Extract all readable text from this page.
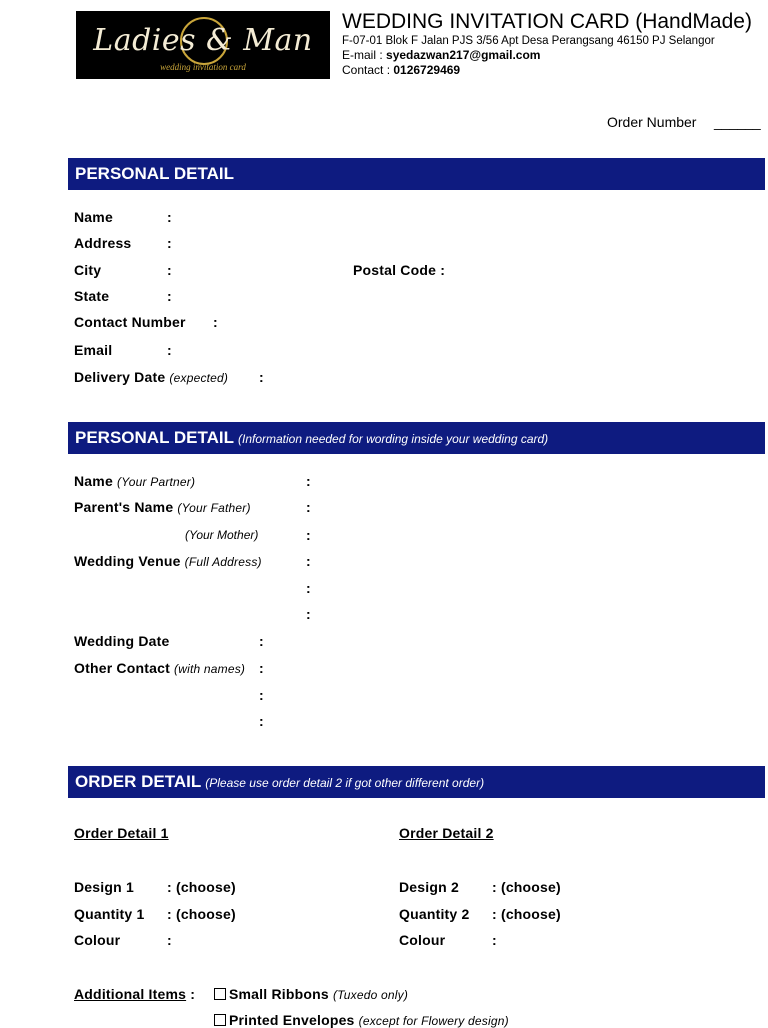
Ladies & Man
wedding invitation card
WEDDING INVITATION CARD (HandMade)
F-07-01 Blok F Jalan PJS 3/56 Apt Desa Perangsang 46150 PJ Selangor
E-mail : syedazwan217@gmail.com
Contact : 0126729469
Order Number ______
PERSONAL DETAIL
Name	:
Address	:
City	:	Postal Code :
State	:
Contact Number :
Email	:
Delivery Date (expected) :
PERSONAL DETAIL (Information needed for wording inside your wedding card)
Name (Your Partner)	:
Parent's Name (Your Father)	:
(Your Mother)	:
Wedding Venue (Full Address)	:
:
:
Wedding Date	:
Other Contact (with names) :
:
:
ORDER DETAIL (Please use order detail 2 if got other different order)
Order Detail 1	Order Detail 2
Design 1 : (choose)	Design 2 : (choose)
Quantity 1 : (choose)	Quantity 2 : (choose)
Colour	:	Colour	:
Additional Items :	Small Ribbons (Tuxedo only)
Printed Envelopes (except for Flowery design)
